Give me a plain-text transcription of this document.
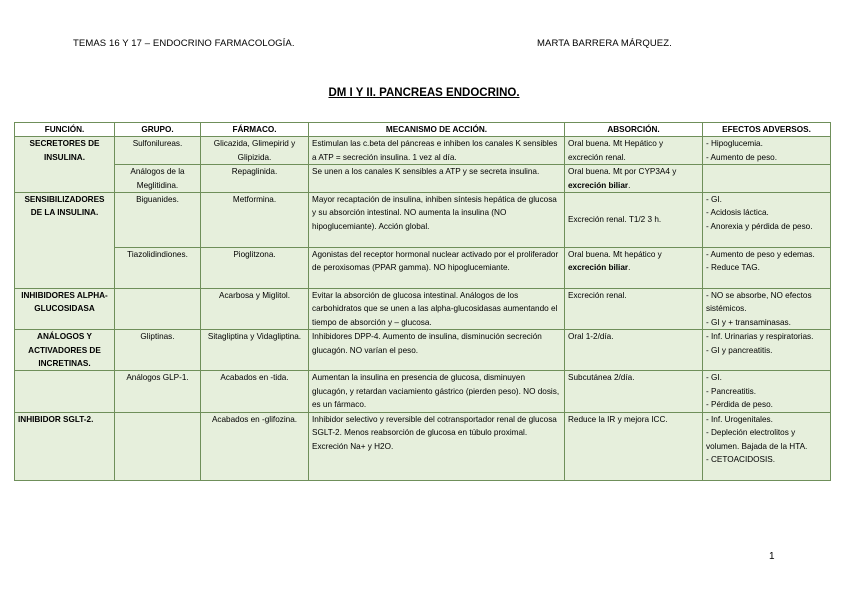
TEMAS 16 Y 17 – ENDOCRINO FARMACOLOGÍA.	MARTA BARRERA MÁRQUEZ.
DM I Y II. PANCREAS ENDOCRINO.
FUNCIÓN.	GRUPO.	FÁRMACO.	MECANISMO DE ACCIÓN.	ABSORCIÓN.	EFECTOS ADVERSOS.
SECRETORES DE INSULINA.	Sulfonilureas.	Glicazida, Glimepirid y Glipizida.	Estimulan las c.beta del páncreas e inhiben los canales K sensibles a ATP = secreción insulina. 1 vez al día.	Oral buena. Mt Hepático y excreción renal.	- Hipoglucemia.
- Aumento de peso.

	Análogos de la Meglitidina.	Repaglinida.	Se unen a los canales K sensibles a ATP y se secreta insulina.	Oral buena. Mt por CYP3A4 y excreción biliar.	
SENSIBILIZADORES DE LA INSULINA.	Biguanides.	Metformina.	Mayor recaptación de insulina, inhiben síntesis hepática de glucosa y su absorción intestinal. NO aumenta la insulina (NO hipoglucemiante). Acción global.	Excreción renal. T1/2 3 h.	- GI.
- Acidosis láctica.
- Anorexia y pérdida de peso.

	Tiazolidindiones.	Pioglitzona.	Agonistas del receptor hormonal nuclear activado por el proliferador de peroxisomas (PPAR gamma). NO hipoglucemiante.	Oral buena. Mt hepático y excreción biliar.	- Aumento de peso y edemas.
- Reduce TAG.

INHIBIDORES ALPHA-GLUCOSIDASA		Acarbosa y Miglitol.	Evitar la absorción de glucosa intestinal. Análogos de los carbohidratos que se unen a las alpha-glucosidasas aumentando el tiempo de absorción y – glucosa.	Excreción renal.	- NO se absorbe, NO efectos sistémicos.
- GI y + transaminasas.

ANÁLOGOS Y ACTIVADORES DE INCRETINAS.	Gliptinas.	Sitagliptina y Vidagliptina.	Inhibidores DPP-4. Aumento de insulina, disminución secreción glucagón. NO varían el peso.	Oral 1-2/día.	- Inf. Urinarias y respiratorias.
- GI y pancreatitis.

	Análogos GLP-1.	Acabados en -tida.	Aumentan la insulina en presencia de glucosa, disminuyen glucagón, y retardan vaciamiento gástrico (pierden peso). NO dosis, es un fármaco.	Subcutánea 2/día.	- GI.
- Pancreatitis.
- Pérdida de peso.

INHIBIDOR SGLT-2.		Acabados en -glifozina.	Inhibidor selectivo y reversible del cotransportador renal de glucosa SGLT-2. Menos reabsorción de glucosa en túbulo proximal. Excreción Na+ y H2O.	Reduce la IR y mejora ICC.	- Inf. Urogenitales.
- Depleción electrolitos y volumen. Bajada de la HTA.
- CETOACIDOSIS.
1
